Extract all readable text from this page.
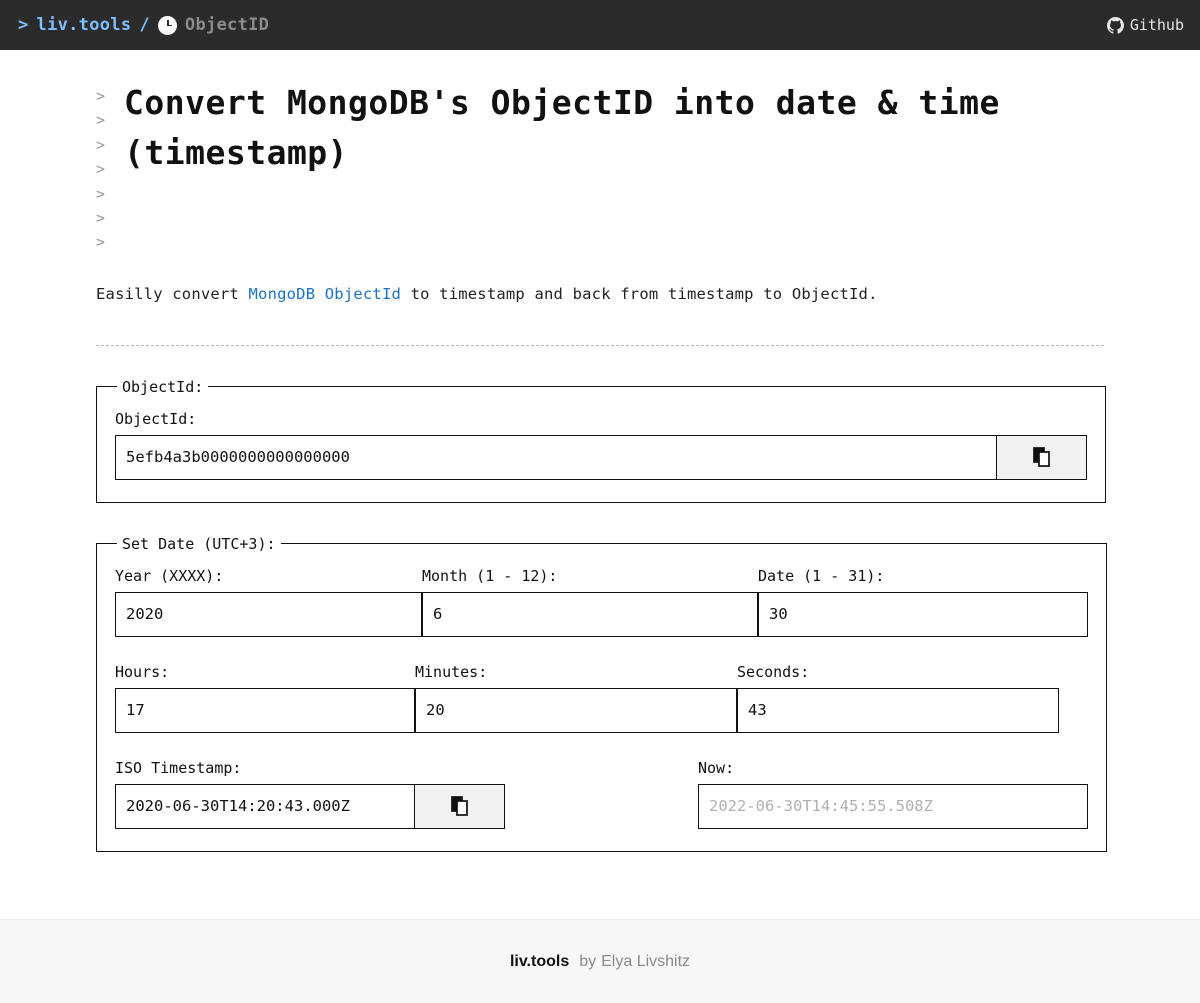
> liv.tools / ObjectID	Github
>
>
>
>
>
>
>
Convert MongoDB's ObjectID into date & time (timestamp)
Easilly convert MongoDB ObjectId to timestamp and back from timestamp to ObjectId.
ObjectId:
ObjectId:
5efb4a3b0000000000000000
Set Date (UTC+3):
Year (XXXX):
2020
Month (1 - 12):
6
Date (1 - 31):
30
Hours:
17
Minutes:
20
Seconds:
43
ISO Timestamp:
2020-06-30T14:20:43.000Z
Now:
2022-06-30T14:45:55.508Z
liv.tools by Elya Livshitz
